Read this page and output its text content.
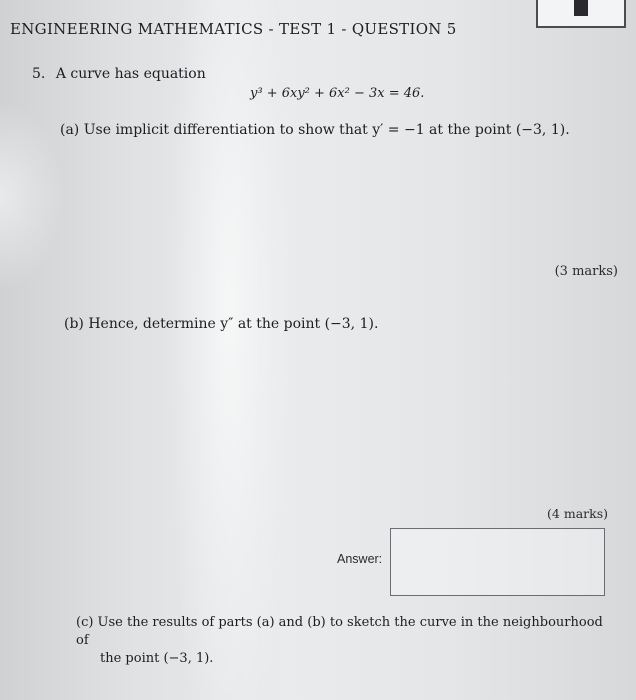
ENGINEERING MATHEMATICS - TEST 1 - QUESTION 5
5. A curve has equation
y³ + 6xy² + 6x² − 3x = 46.
(a) Use implicit differentiation to show that y′ = −1 at the point (−3, 1).
(3 marks)
(b) Hence, determine y″ at the point (−3, 1).
(4 marks)
Answer:
(c) Use the results of parts (a) and (b) to sketch the curve in the neighbourhood of
the point (−3, 1).
